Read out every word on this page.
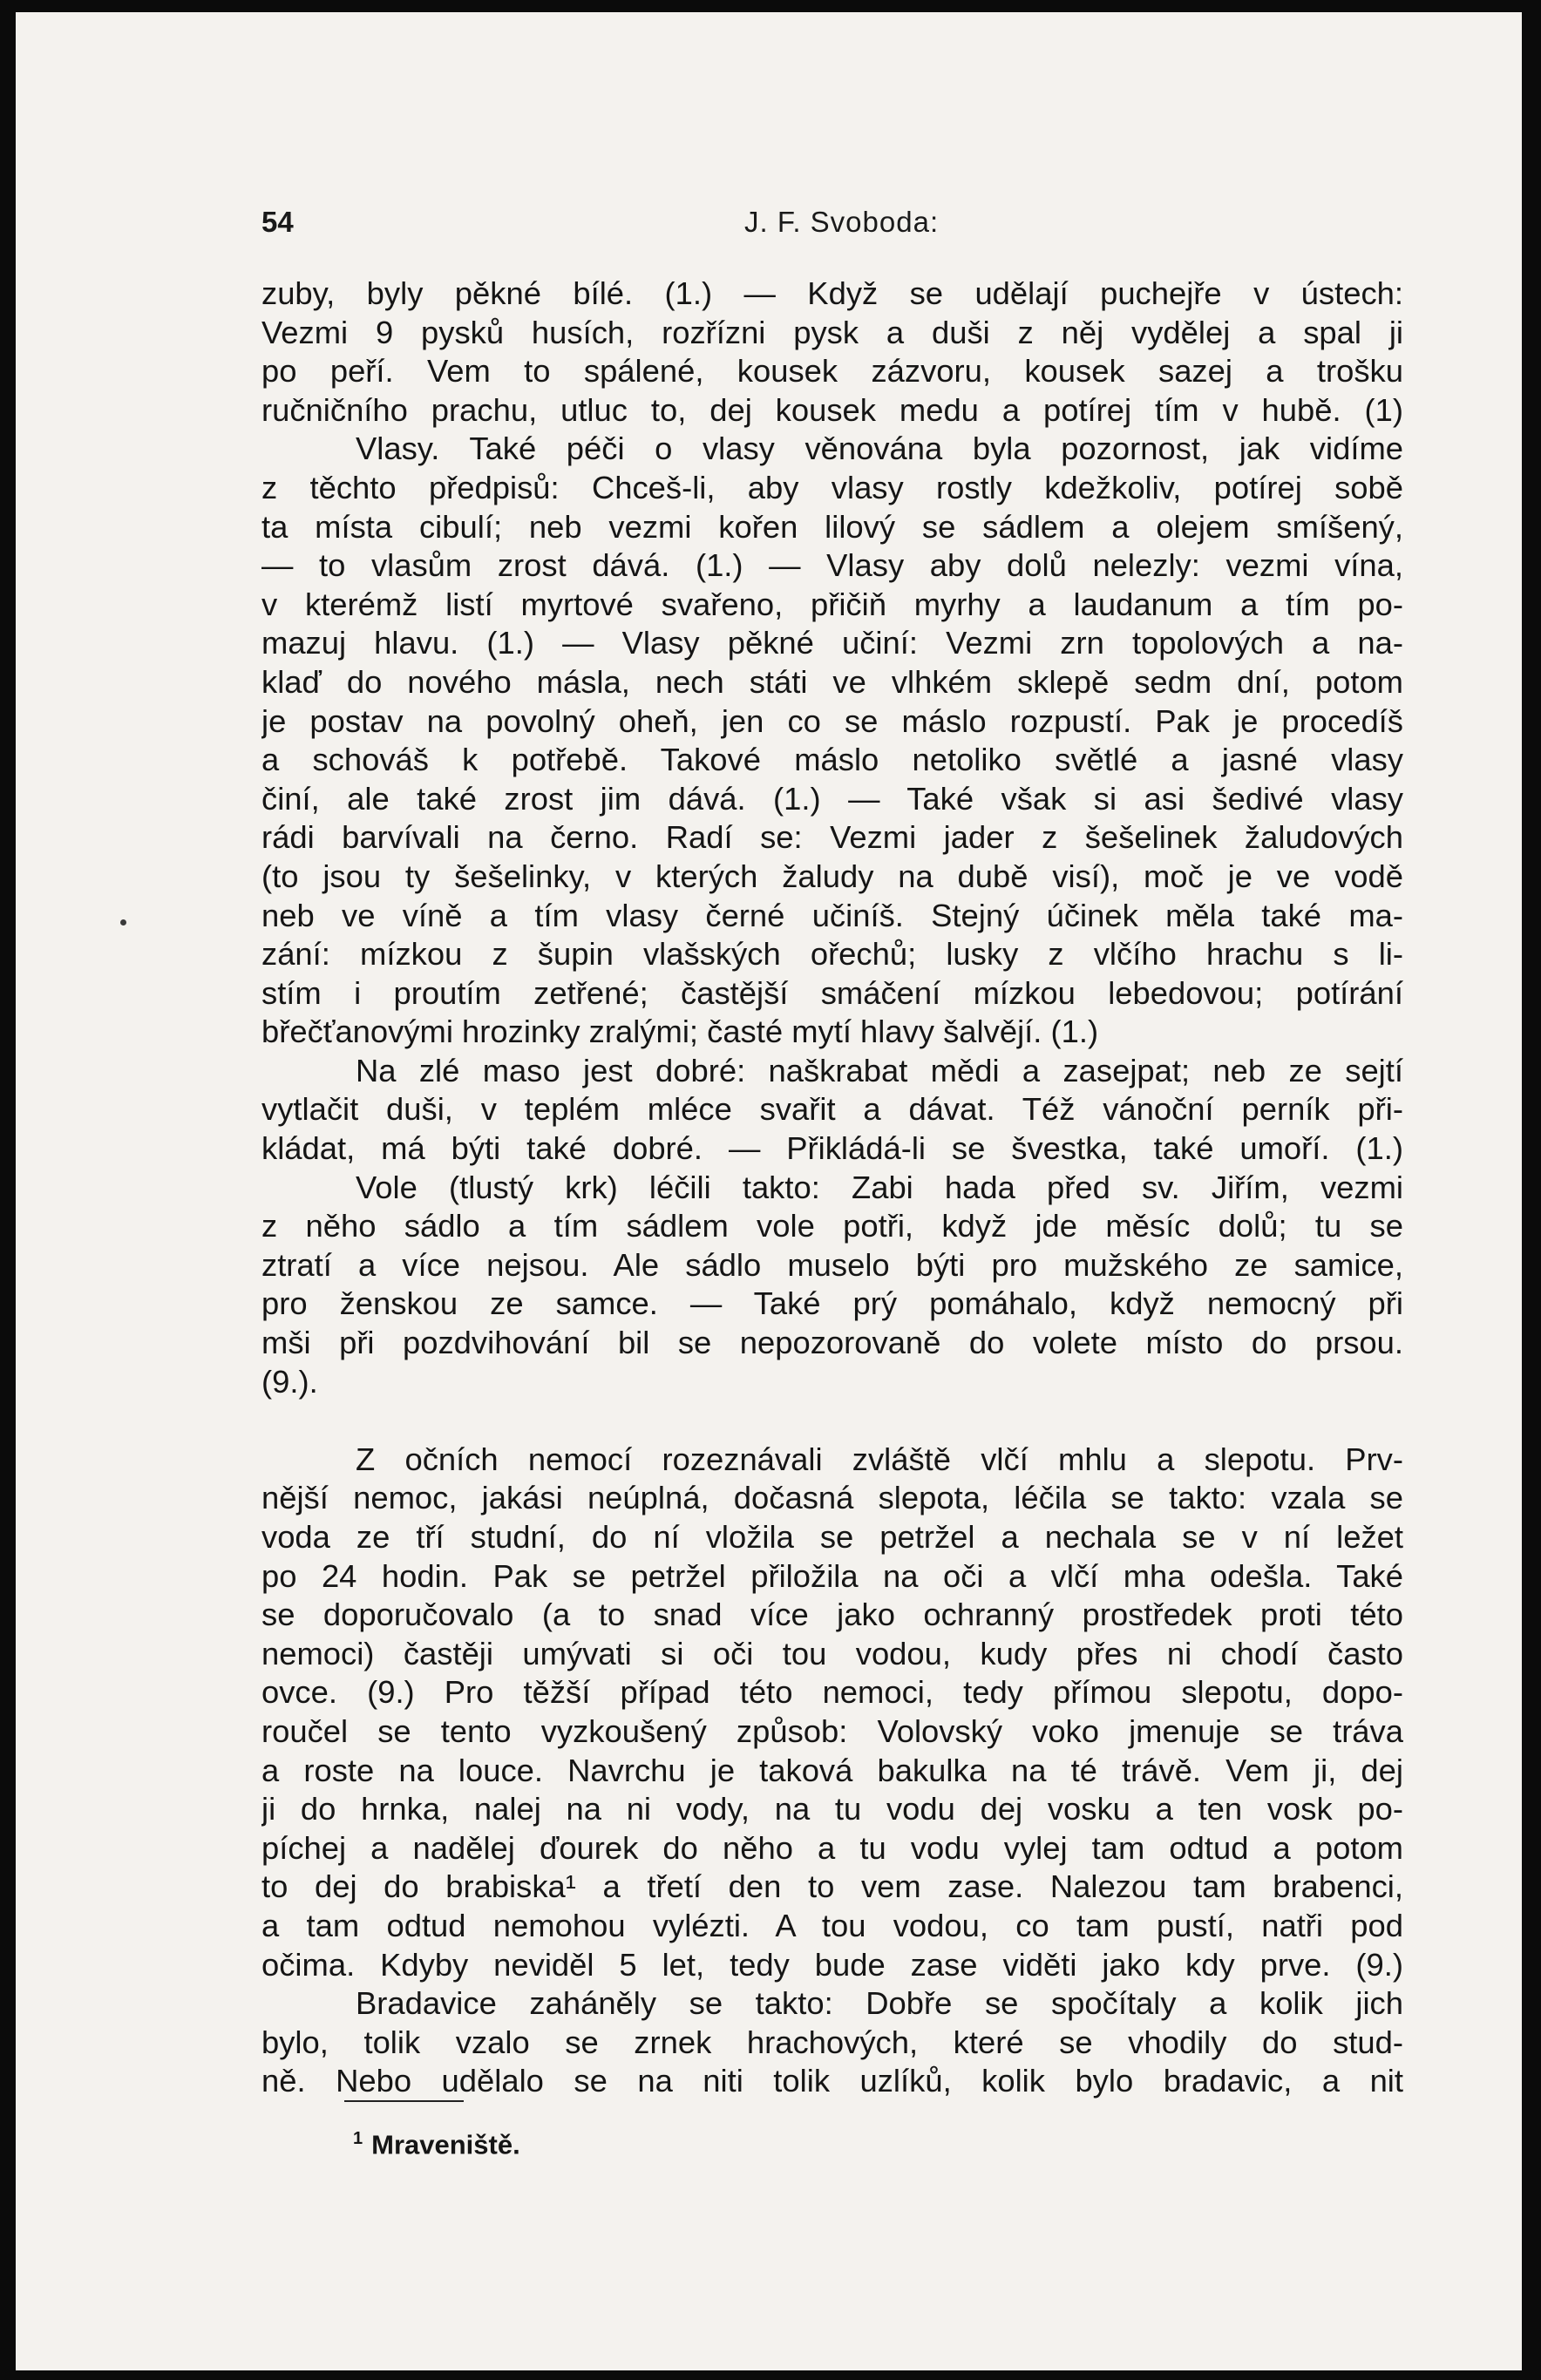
54	J. F. Svoboda:
zuby, byly pěkné bílé. (1.) — Když se udělají puchejře v ústech:
Vezmi 9 pysků husích, rozřízni pysk a duši z něj vydělej a spal ji
po peří. Vem to spálené, kousek zázvoru, kousek sazej a trošku
ručničního prachu, utluc to, dej kousek medu a potírej tím v hubě. (1)
Vlasy. Také péči o vlasy věnována byla pozornost, jak vidíme
z těchto předpisů: Chceš-li, aby vlasy rostly kdežkoliv, potírej sobě
ta místa cibulí; neb vezmi kořen lilový se sádlem a olejem smíšený,
— to vlasům zrost dává. (1.) — Vlasy aby dolů nelezly: vezmi vína,
v kterémž listí myrtové svařeno, přičiň myrhy a laudanum a tím po-
mazuj hlavu. (1.) — Vlasy pěkné učiní: Vezmi zrn topolových a na-
klaď do nového másla, nech státi ve vlhkém sklepě sedm dní, potom
je postav na povolný oheň, jen co se máslo rozpustí. Pak je procedíš
a schováš k potřebě. Takové máslo netoliko světlé a jasné vlasy
činí, ale také zrost jim dává. (1.) — Také však si asi šedivé vlasy
rádi barvívali na černo. Radí se: Vezmi jader z šešelinek žaludových
(to jsou ty šešelinky, v kterých žaludy na dubě visí), moč je ve vodě
neb ve víně a tím vlasy černé učiníš. Stejný účinek měla také ma-
zání: mízkou z šupin vlašských ořechů; lusky z vlčího hrachu s li-
stím i proutím zetřené; častější smáčení mízkou lebedovou; potírání
břečťanovými hrozinky zralými; časté mytí hlavy šalvějí. (1.)
Na zlé maso jest dobré: naškrabat mědi a zasejpat; neb ze sejtí
vytlačit duši, v teplém mléce svařit a dávat. Též vánoční perník při-
kládat, má býti také dobré. — Přikládá-li se švestka, také umoří. (1.)
Vole (tlustý krk) léčili takto: Zabi hada před sv. Jiřím, vezmi
z něho sádlo a tím sádlem vole potři, když jde měsíc dolů; tu se
ztratí a více nejsou. Ale sádlo muselo býti pro mužského ze samice,
pro ženskou ze samce. — Také prý pomáhalo, když nemocný při
mši při pozdvihování bil se nepozorovaně do volete místo do prsou.
(9.).
Z očních nemocí rozeznávali zvláště vlčí mhlu a slepotu. Prv-
nější nemoc, jakási neúplná, dočasná slepota, léčila se takto: vzala se
voda ze tří studní, do ní vložila se petržel a nechala se v ní ležet
po 24 hodin. Pak se petržel přiložila na oči a vlčí mha odešla. Také
se doporučovalo (a to snad více jako ochranný prostředek proti této
nemoci) častěji umývati si oči tou vodou, kudy přes ni chodí často
ovce. (9.) Pro těžší případ této nemoci, tedy přímou slepotu, dopo-
roučel se tento vyzkoušený způsob: Volovský voko jmenuje se tráva
a roste na louce. Navrchu je taková bakulka na té trávě. Vem ji, dej
ji do hrnka, nalej na ni vody, na tu vodu dej vosku a ten vosk po-
píchej a nadělej ďourek do něho a tu vodu vylej tam odtud a potom
to dej do brabiska¹ a třetí den to vem zase. Nalezou tam brabenci,
a tam odtud nemohou vylézti. A tou vodou, co tam pustí, natři pod
očima. Kdyby neviděl 5 let, tedy bude zase viděti jako kdy prve. (9.)
Bradavice zaháněly se takto: Dobře se spočítaly a kolik jich
bylo, tolik vzalo se zrnek hrachových, které se vhodily do stud-
ně. Nebo udělalo se na niti tolik uzlíků, kolik bylo bradavic, a nit
$^1$ Mraveniště.
